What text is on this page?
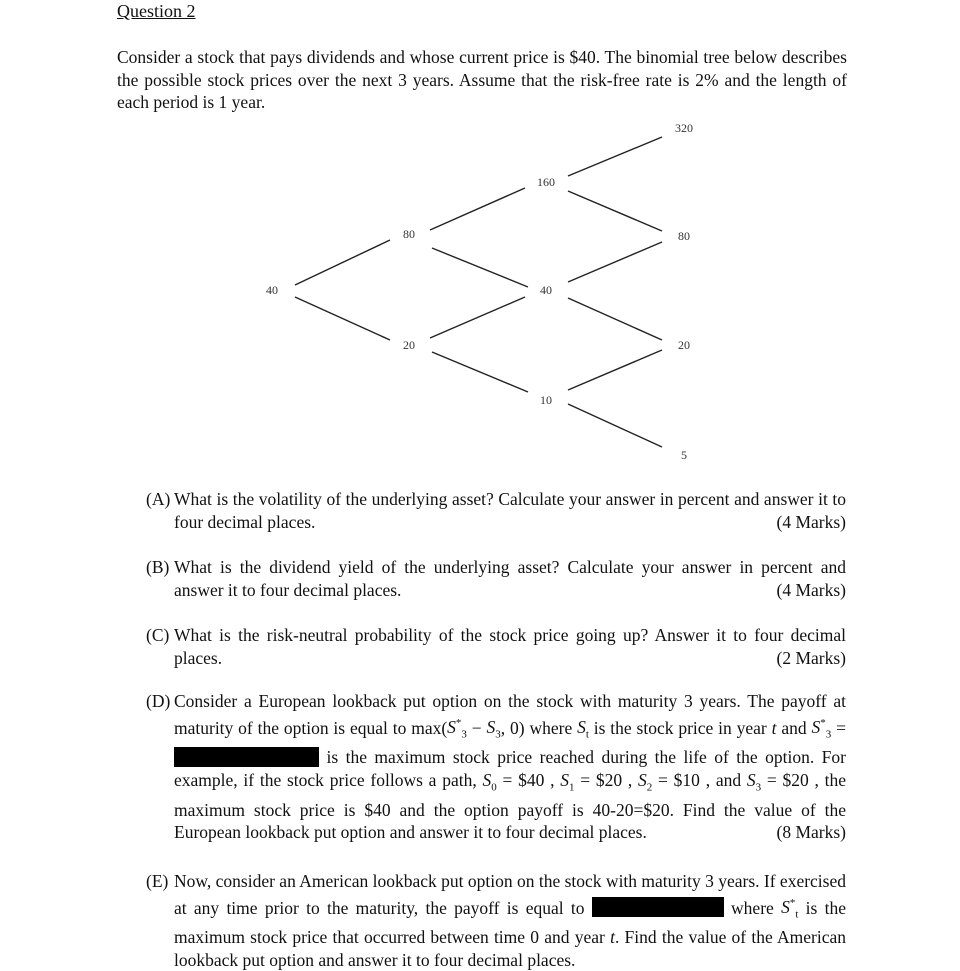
Question 2
Consider a stock that pays dividends and whose current price is $40. The binomial tree below describes the possible stock prices over the next 3 years. Assume that the risk-free rate is 2% and the length of each period is 1 year.
40
80
20
160
40
10
320
80
20
5
(A) What is the volatility of the underlying asset? Calculate your answer in percent and answer it to four decimal places.	(4 Marks)
(B) What is the dividend yield of the underlying asset? Calculate your answer in percent and answer it to four decimal places.	(4 Marks)
(C) What is the risk-neutral probability of the stock price going up? Answer it to four decimal places.	(2 Marks)
(D) Consider a European lookback put option on the stock with maturity 3 years. The payoff at maturity of the option is equal to $\max(S^*_3 - S_3$, 0) where $S_t$ is the stock price in year t and $S^*_3$ = is the maximum stock price reached during the life of the option. For example, if the stock price follows a path, $S_0$ = $40 , $S_1$ = $20 , $S_2$ = $10 , and $S_3$ = $20 , the maximum stock price is $40 and the option payoff is 40-20=$20. Find the value of the European lookback put option and answer it to four decimal places.	(8 Marks)
(E) Now, consider an American lookback put option on the stock with maturity 3 years. If exercised at any time prior to the maturity, the payoff is equal to	where $S^*_t$ is the maximum stock price that occurred between time 0 and year t. Find the value of the American lookback put option and answer it to four decimal places.
